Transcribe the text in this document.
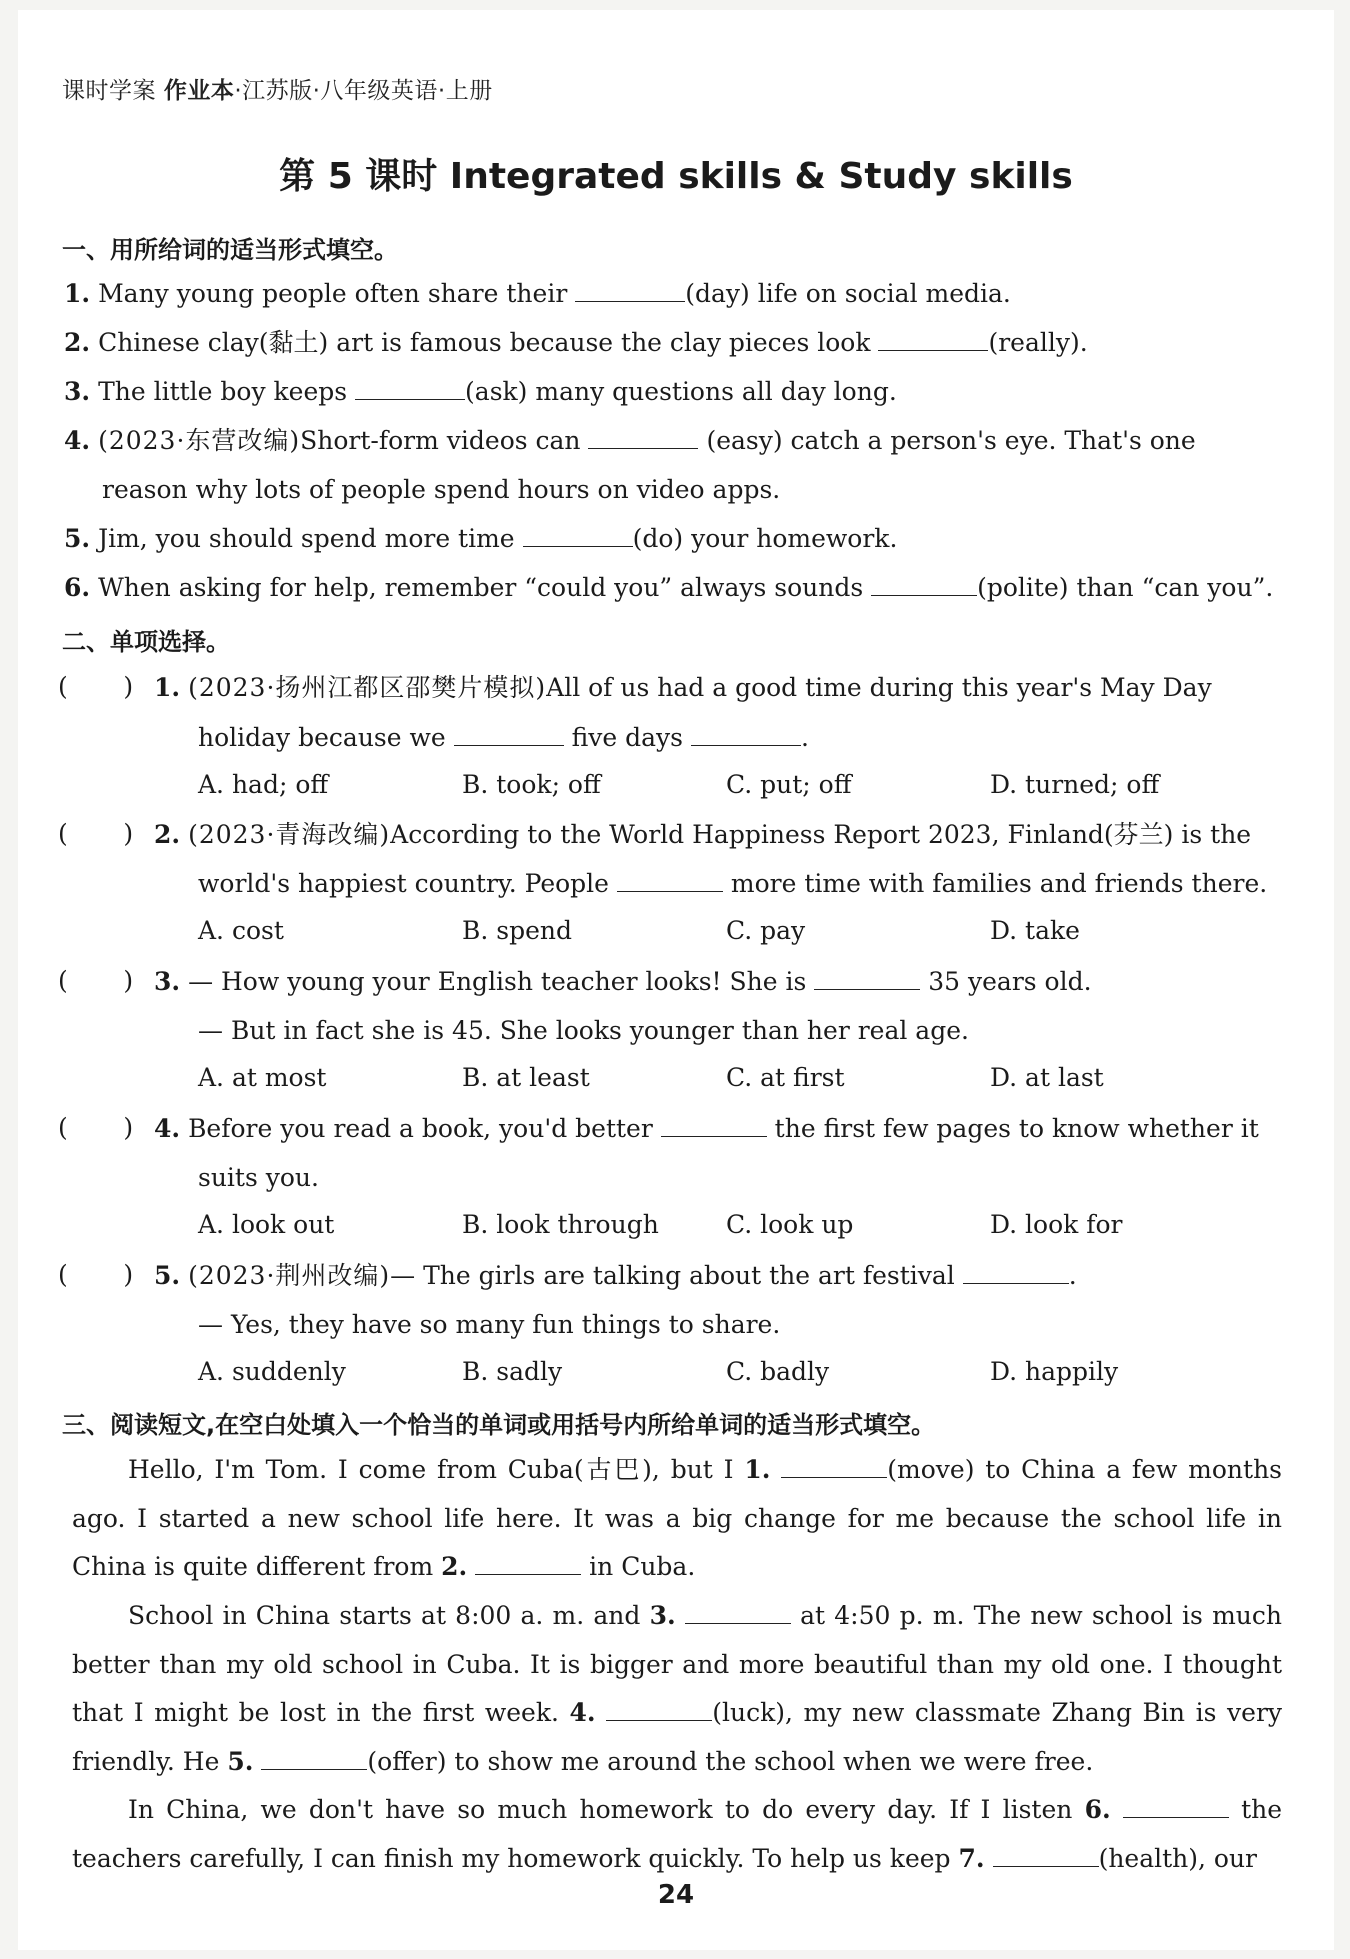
课时学案 作业本·江苏版·八年级英语·上册
第 5 课时 Integrated skills & Study skills
一、用所给词的适当形式填空。
1. Many young people often share their	(day) life on social media.
2. Chinese clay(黏土) art is famous because the clay pieces look	(really).
3. The little boy keeps	(ask) many questions all day long.
4. (2023·东营改编)Short-form videos can	(easy) catch a person's eye. That's one
reason why lots of people spend hours on video apps.
5. Jim, you should spend more time	(do) your homework.
6. When asking for help, remember “could you” always sounds	(polite) than “can you”.
二、单项选择。
(       ) 1. (2023·扬州江都区邵樊片模拟)All of us had a good time during this year's May Day
holiday because we	five days	.
A. had; off	B. took; off	C. put; off	D. turned; off
(       ) 2. (2023·青海改编)According to the World Happiness Report 2023, Finland(芬兰) is the
world's happiest country. People	more time with families and friends there.
A. cost	B. spend	C. pay	D. take
(       ) 3. — How young your English teacher looks! She is	35 years old.
— But in fact she is 45. She looks younger than her real age.
A. at most	B. at least	C. at first	D. at last
(       ) 4. Before you read a book, you'd better	the first few pages to know whether it
suits you.
A. look out	B. look through	C. look up	D. look for
(       ) 5. (2023·荆州改编)— The girls are talking about the art festival	.
— Yes, they have so many fun things to share.
A. suddenly	B. sadly	C. badly	D. happily
三、阅读短文,在空白处填入一个恰当的单词或用括号内所给单词的适当形式填空。
Hello, I'm Tom. I come from Cuba(古巴), but I 1.	(move) to China a few months ago. I started a new school life here. It was a big change for me because the school life in China is quite different from 2.	in Cuba.
School in China starts at 8:00 a. m. and 3.	at 4:50 p. m. The new school is much better than my old school in Cuba. It is bigger and more beautiful than my old one. I thought that I might be lost in the first week. 4.	(luck), my new classmate Zhang Bin is very friendly. He 5.	(offer) to show me around the school when we were free.
In China, we don't have so much homework to do every day. If I listen 6.	the teachers carefully, I can finish my homework quickly. To help us keep 7.	(health), our
24
